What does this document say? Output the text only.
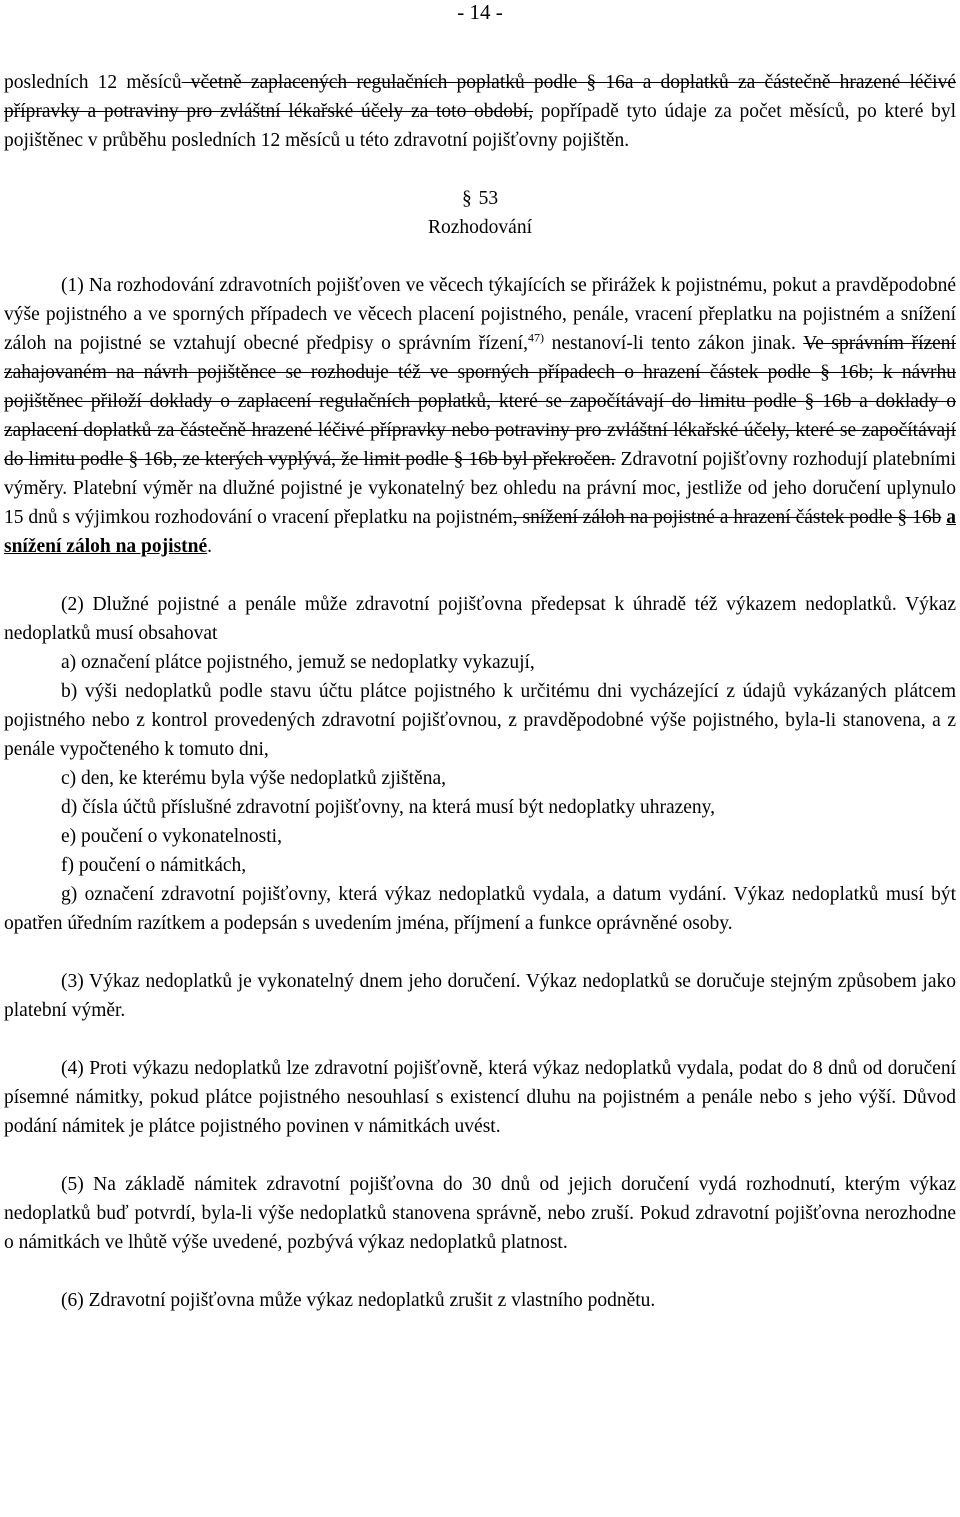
- 14 -

posledních 12 měsíců včetně zaplacených regulačních poplatků podle § 16a a doplatků za částečně hrazené léčivé přípravky a potraviny pro zvláštní lékařské účely za toto období, popřípadě tyto údaje za počet měsíců, po které byl pojištěnec v průběhu posledních 12 měsíců u této zdravotní pojišťovny pojištěn.

§ 53

Rozhodování

(1) Na rozhodování zdravotních pojišťoven ve věcech týkajících se přirážek k pojistnému, pokut a pravděpodobné výše pojistného a ve sporných případech ve věcech placení pojistného, penále, vracení přeplatku na pojistném a snížení záloh na pojistné se vztahují obecné předpisy o správním řízení,$^{47)}$ nestanoví-li tento zákon jinak. Ve správním řízení zahajovaném na návrh pojištěnce se rozhoduje též ve sporných případech o hrazení částek podle § 16b; k návrhu pojištěnec přiloží doklady o zaplacení regulačních poplatků, které se započítávají do limitu podle § 16b a doklady o zaplacení doplatků za částečně hrazené léčivé přípravky nebo potraviny pro zvláštní lékařské účely, které se započítávají do limitu podle § 16b, ze kterých vyplývá, že limit podle § 16b byl překročen. Zdravotní pojišťovny rozhodují platebními výměry. Platební výměr na dlužné pojistné je vykonatelný bez ohledu na právní moc, jestliže od jeho doručení uplynulo 15 dnů s výjimkou rozhodování o vracení přeplatku na pojistném, snížení záloh na pojistné a hrazení částek podle § 16b a snížení záloh na pojistné.

(2) Dlužné pojistné a penále může zdravotní pojišťovna předepsat k úhradě též výkazem nedoplatků. Výkaz nedoplatků musí obsahovat

a) označení plátce pojistného, jemuž se nedoplatky vykazují,

b) výši nedoplatků podle stavu účtu plátce pojistného k určitému dni vycházející z údajů vykázaných plátcem pojistného nebo z kontrol provedených zdravotní pojišťovnou, z pravděpodobné výše pojistného, byla-li stanovena, a z penále vypočteného k tomuto dni,

c) den, ke kterému byla výše nedoplatků zjištěna,

d) čísla účtů příslušné zdravotní pojišťovny, na která musí být nedoplatky uhrazeny,

e) poučení o vykonatelnosti,

f) poučení o námitkách,

g) označení zdravotní pojišťovny, která výkaz nedoplatků vydala, a datum vydání. Výkaz nedoplatků musí být opatřen úředním razítkem a podepsán s uvedením jména, příjmení a funkce oprávněné osoby.

(3) Výkaz nedoplatků je vykonatelný dnem jeho doručení. Výkaz nedoplatků se doručuje stejným způsobem jako platební výměr.

(4) Proti výkazu nedoplatků lze zdravotní pojišťovně, která výkaz nedoplatků vydala, podat do 8 dnů od doručení písemné námitky, pokud plátce pojistného nesouhlasí s existencí dluhu na pojistném a penále nebo s jeho výší. Důvod podání námitek je plátce pojistného povinen v námitkách uvést.

(5) Na základě námitek zdravotní pojišťovna do 30 dnů od jejich doručení vydá rozhodnutí, kterým výkaz nedoplatků buď potvrdí, byla-li výše nedoplatků stanovena správně, nebo zruší. Pokud zdravotní pojišťovna nerozhodne o námitkách ve lhůtě výše uvedené, pozbývá výkaz nedoplatků platnost.

(6) Zdravotní pojišťovna může výkaz nedoplatků zrušit z vlastního podnětu.
